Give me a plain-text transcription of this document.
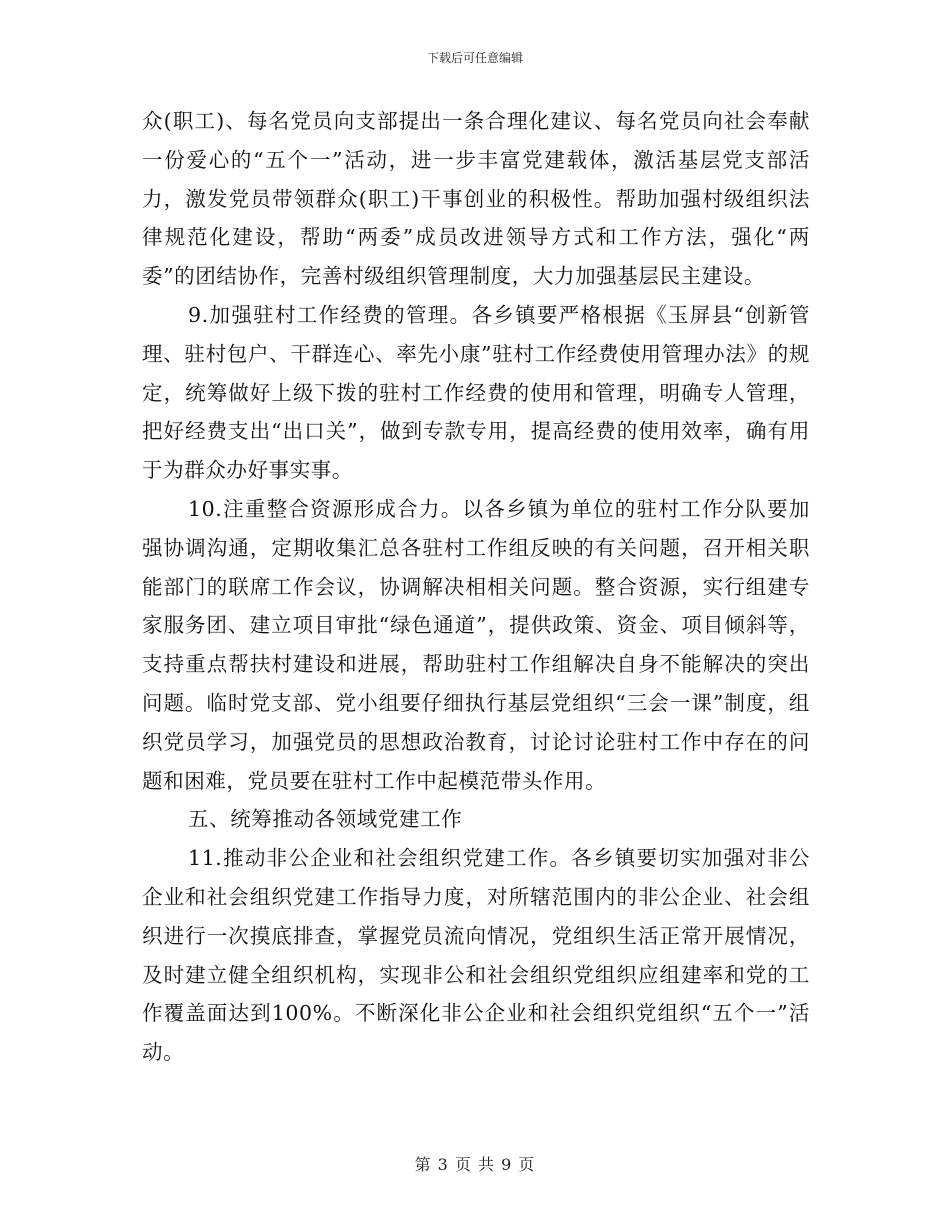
下载后可任意编辑

众(职工)、每名党员向支部提出一条合理化建议、每名党员向社会奉献一份爱心的“五个一”活动，进一步丰富党建载体，激活基层党支部活力，激发党员带领群众(职工)干事创业的积极性。帮助加强村级组织法律规范化建设，帮助“两委”成员改进领导方式和工作方法，强化“两委”的团结协作，完善村级组织管理制度，大力加强基层民主建设。

9.加强驻村工作经费的管理。各乡镇要严格根据《玉屏县“创新管理、驻村包户、干群连心、率先小康”驻村工作经费使用管理办法》的规定，统筹做好上级下拨的驻村工作经费的使用和管理，明确专人管理，把好经费支出“出口关”，做到专款专用，提高经费的使用效率，确有用于为群众办好事实事。

10.注重整合资源形成合力。以各乡镇为单位的驻村工作分队要加强协调沟通，定期收集汇总各驻村工作组反映的有关问题，召开相关职能部门的联席工作会议，协调解决相相关问题。整合资源，实行组建专家服务团、建立项目审批“绿色通道”，提供政策、资金、项目倾斜等，支持重点帮扶村建设和进展，帮助驻村工作组解决自身不能解决的突出问题。临时党支部、党小组要仔细执行基层党组织“三会一课”制度，组织党员学习，加强党员的思想政治教育，讨论讨论驻村工作中存在的问题和困难，党员要在驻村工作中起模范带头作用。

五、统筹推动各领域党建工作

11.推动非公企业和社会组织党建工作。各乡镇要切实加强对非公企业和社会组织党建工作指导力度，对所辖范围内的非公企业、社会组织进行一次摸底排查，掌握党员流向情况，党组织生活正常开展情况，及时建立健全组织机构，实现非公和社会组织党组织应组建率和党的工作覆盖面达到100%。不断深化非公企业和社会组织党组织“五个一”活动。

第 3 页 共 9 页
